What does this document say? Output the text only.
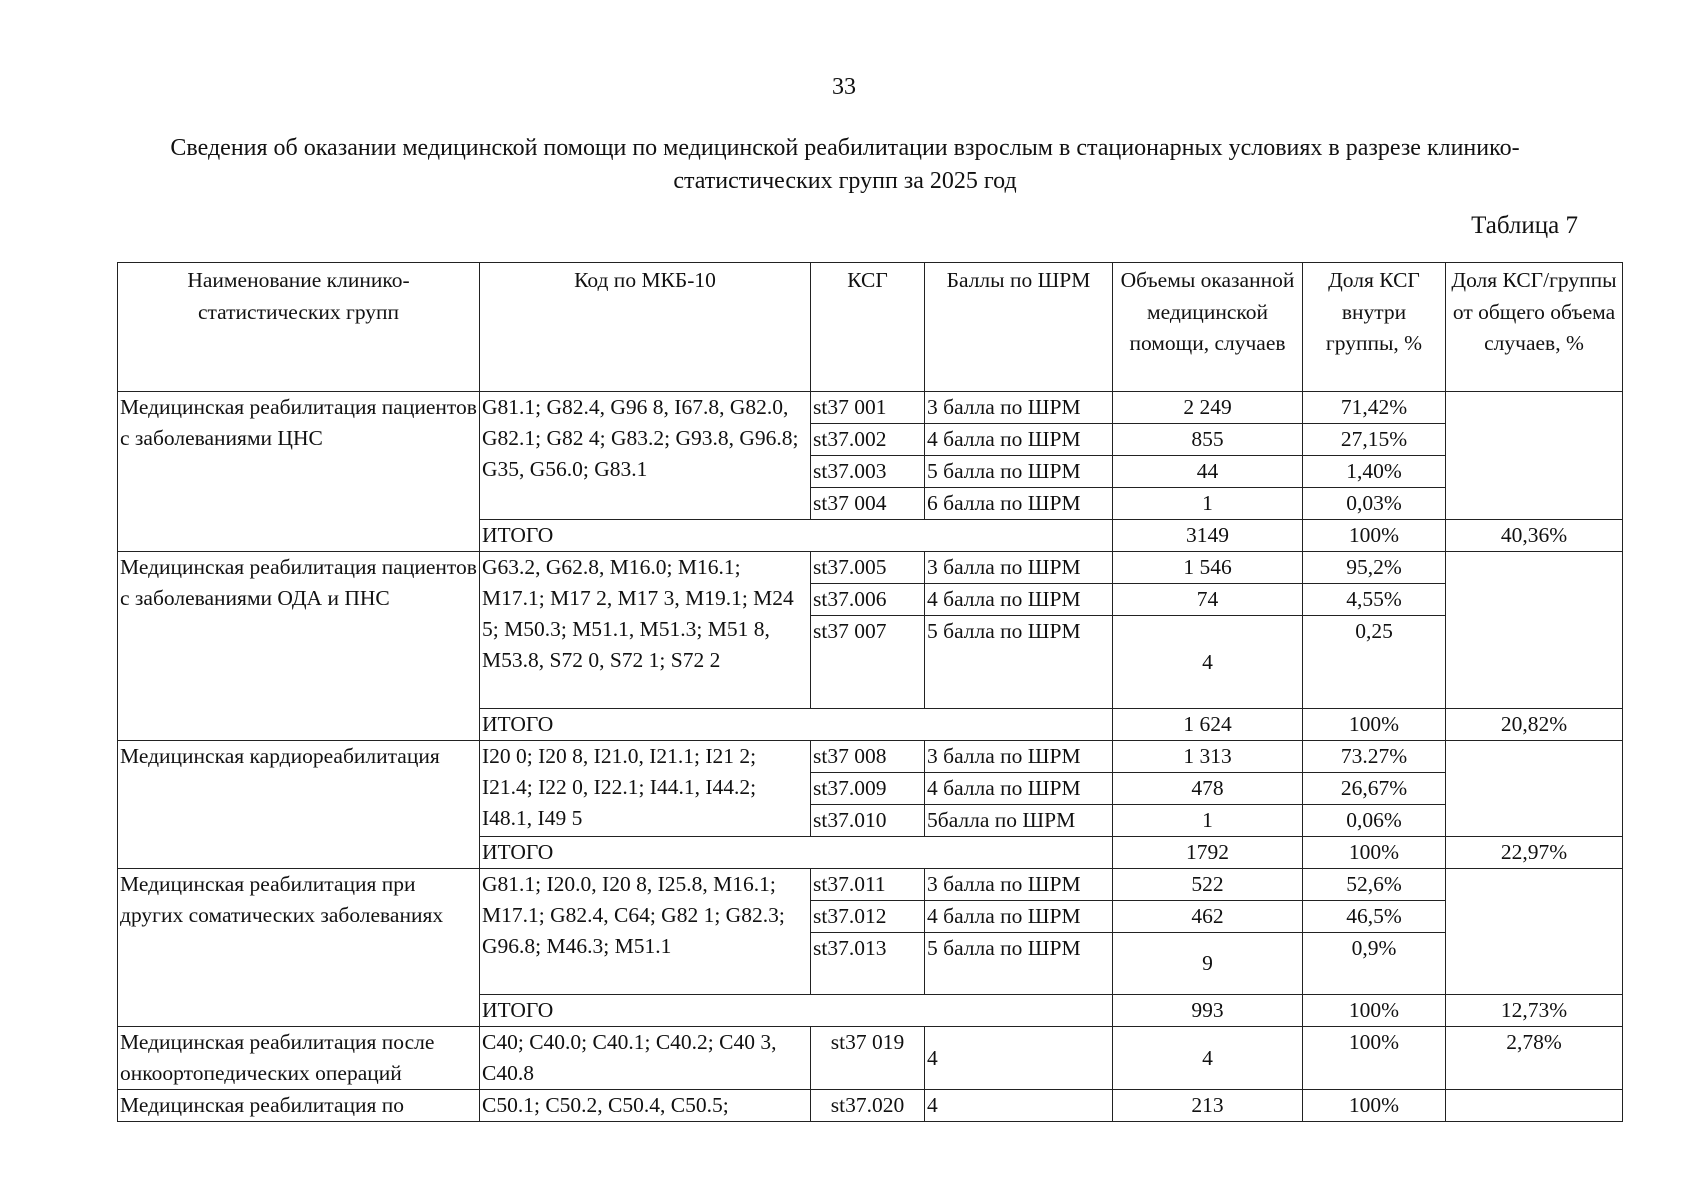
33
Сведения об оказании медицинской помощи по медицинской реабилитации взрослым в стационарных условиях в разрезе клинико-статистических групп за 2025 год
Таблица 7
Наименование клинико-статистических групп	Код по МКБ-10	КСГ	Баллы по ШРМ	Объемы оказанной медицинской помощи, случаев	Доля КСГ внутри группы, %	Доля КСГ/группы от общего объема случаев, %
Медицинская реабилитация пациентов с заболеваниями ЦНС	G81.1; G82.4, G96 8, I67.8, G82.0, G82.1; G82 4; G83.2; G93.8, G96.8; G35, G56.0; G83.1	st37 001	3 балла по ШРМ	2 249	71,42%	
		st37.002	4 балла по ШРМ	855	27,15%	
		st37.003	5 балла по ШРМ	44	1,40%	
		st37 004	6 балла по ШРМ	1	0,03%	
	ИТОГО			3149	100%	40,36%
Медицинская реабилитация пациентов с заболеваниями ОДА и ПНС	G63.2, G62.8, M16.0; M16.1; M17.1; M17 2, M17 3, M19.1; M24 5; M50.3; M51.1, M51.3; M51 8, M53.8, S72 0, S72 1; S72 2	st37.005	3 балла по ШРМ	1 546	95,2%	
		st37.006	4 балла по ШРМ	74	4,55%	
		st37 007	5 балла по ШРМ	4	0,25	
	ИТОГО			1 624	100%	20,82%
Медицинская кардиореабилитация	I20 0; I20 8, I21.0, I21.1; I21 2; I21.4; I22 0, I22.1; I44.1, I44.2; I48.1, I49 5	st37 008	3 балла по ШРМ	1 313	73.27%	
		st37.009	4 балла по ШРМ	478	26,67%	
		st37.010	5балла по ШРМ	1	0,06%	
	ИТОГО			1792	100%	22,97%
Медицинская реабилитация при других соматических заболеваниях	G81.1; I20.0, I20 8, I25.8, M16.1; M17.1; G82.4, C64; G82 1; G82.3; G96.8; M46.3; M51.1	st37.011	3 балла по ШРМ	522	52,6%	
		st37.012	4 балла по ШРМ	462	46,5%	
		st37.013	5 балла по ШРМ	9	0,9%	
	ИТОГО			993	100%	12,73%
Медицинская реабилитация после онкоортопедических операций	C40; C40.0; C40.1; C40.2; C40 3, C40.8	st37 019	4	4	100%	2,78%
Медицинская реабилитация по	C50.1; C50.2, C50.4, C50.5;	st37.020	4	213	100%	
